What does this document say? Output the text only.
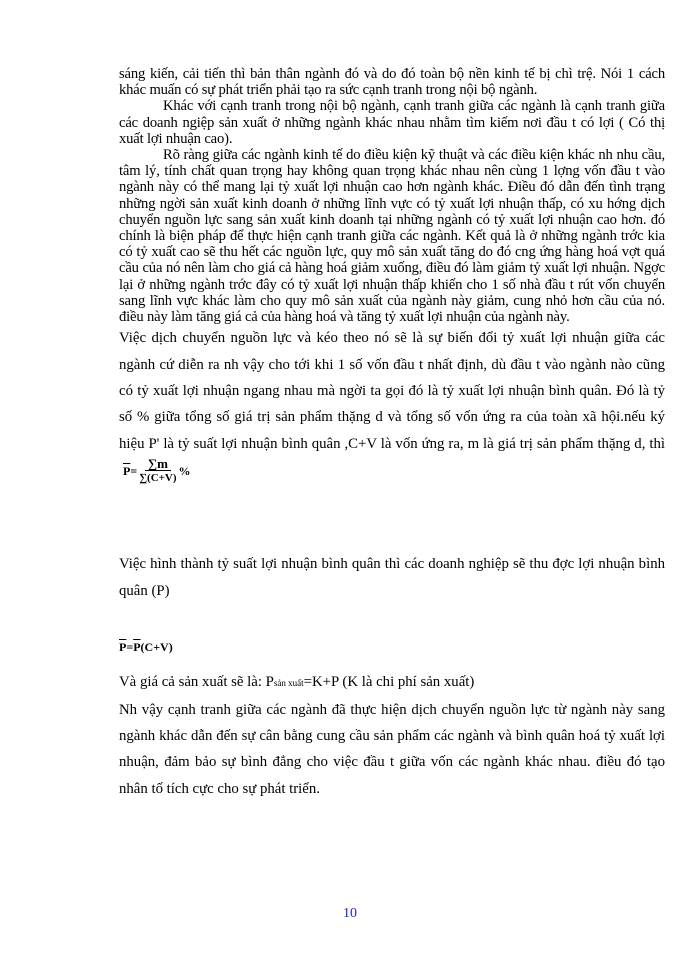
sáng kiến, cải tiến thì bản thân ngành đó và do đó toàn bộ nền kinh tế bị chì trệ. Nói 1 cách khác muấn có sự phát triển phải tạo ra sức cạnh tranh trong nội bộ ngành.

Khác với cạnh tranh trong nội bộ ngành, cạnh tranh giữa các ngành là cạnh tranh giữa các doanh ngiệp sản xuất ở những ngành khác nhau nhằm tìm kiếm nơi đầu t có lợi ( Có thị xuất lợi nhuận cao).

Rõ ràng giữa các ngành kinh tế do điều kiện kỹ thuật và các điều kiện khác nh nhu cầu, tâm lý, tính chất quan trọng hay không quan trọng khác nhau nên cùng 1 lợng vốn đầu t vào ngành này có thể mang lại tỷ xuất lợi nhuận cao hơn ngành khác. Điều đó dẫn đến tình trạng những ngời sản xuất kinh doanh ở những lĩnh vực có tỷ xuất lợi nhuận thấp, có xu hớng dịch chuyển nguồn lực sang sản xuất kinh doanh tại những ngành có tỷ xuất lợi nhuận cao hơn. đó chính là biện pháp để thực hiện cạnh tranh giữa các ngành. Kết quả là ở những ngành trớc kia có tỷ xuất cao sẽ thu hết các nguồn lực, quy mô sản xuất tăng do đó cng ứng hàng hoá vợt quá cầu của nó nên làm cho giá cả hàng hoá giảm xuống, điều đó làm giảm tỷ xuất lợi nhuận. Ngợc lại ở những ngành trớc đây có tỷ xuất lợi nhuận thấp khiến cho 1 số nhà đầu t rút vốn chuyển sang lĩnh vực khác làm cho quy mô sản xuất của ngành này giảm, cung nhỏ hơn cầu của nó. điều này làm tăng giá cả của hàng hoá và tăng tỷ xuất lợi nhuận của ngành này.

Việc dịch chuyển nguồn lực và kéo theo nó sẽ là sự biến đổi tỷ xuất lợi nhuận giữa các ngành cứ diễn ra nh vậy cho tới khi 1 số vốn đầu t nhất định, dù đầu t vào ngành nào cũng có tỷ xuất lợi nhuận ngang nhau mà ngời ta gọi đó là tỷ xuất lợi nhuận bình quân. Đó là tỷ số % giữa tổng số giá trị sản phẩm thặng d và tổng số vốn ứng ra của toàn xã hội.nếu ký hiệu P' là tỷ suất lợi nhuận bình quân ,C+V là vốn ứng ra, m là giá trị sản phẩm thặng d, thì
$\overline{P} = \frac{\sum m}{\sum(C+V)}$ %

Việc hình thành tỷ suất lợi nhuận bình quân thì các doanh nghiệp sẽ thu đợc lợi nhuận bình quân (P)

$\overline{P}=\overline{P}(C+V)$

Và giá cả sản xuất sẽ là: Psản xuất=K+P (K là chi phí sản xuất)

Nh vậy cạnh tranh giữa các ngành đã thực hiện dịch chuyển nguồn lực từ ngành này sang ngành khác dẫn đến sự cân bằng cung cầu sản phẩm các ngành và bình quân hoá tỷ xuất lợi nhuận, đảm bảo sự bình đẳng cho việc đầu t giữa vốn các ngành khác nhau. điều đó tạo nhân tố tích cực cho sự phát triển.

10
